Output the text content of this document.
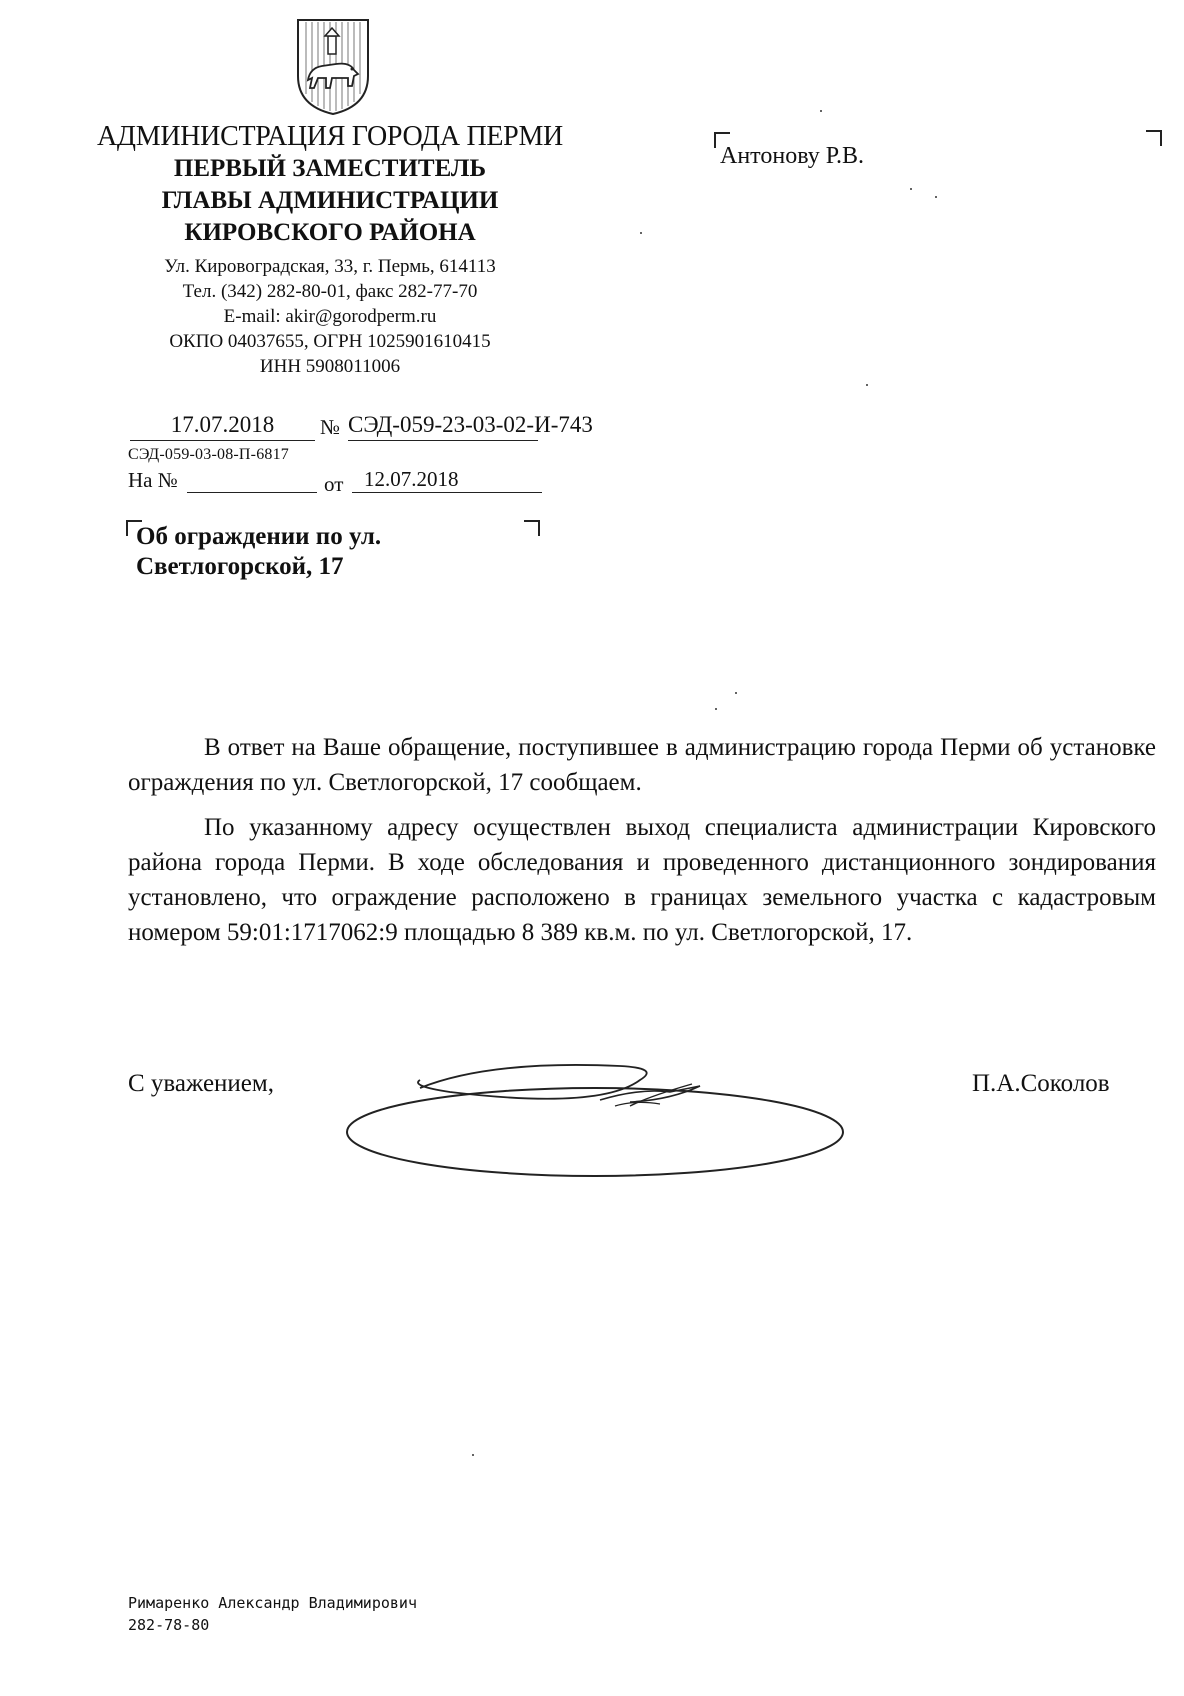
АДМИНИСТРАЦИЯ ГОРОДА ПЕРМИ
ПЕРВЫЙ ЗАМЕСТИТЕЛЬ
ГЛАВЫ АДМИНИСТРАЦИИ
КИРОВСКОГО РАЙОНА
Ул. Кировоградская, 33, г. Пермь, 614113
Тел. (342) 282-80-01, факс 282-77-70
E-mail: akir@gorodperm.ru
ОКПО 04037655, ОГРН 1025901610415
ИНН 5908011006
Антонову Р.В.
17.07.2018	№ СЭД-059-23-03-02-И-743
СЭД-059-03-08-П-6817
На №	от 12.07.2018
Об ограждении по ул.
Светлогорской, 17

В ответ на Ваше обращение, поступившее в администрацию города Перми об установке ограждения по ул. Светлогорской, 17 сообщаем.

По указанному адресу осуществлен выход специалиста администрации Кировского района города Перми. В ходе обследования и проведенного дистанционного зондирования установлено, что ограждение расположено в границах земельного участка с кадастровым номером 59:01:1717062:9 площадью 8 389 кв.м. по ул. Светлогорской, 17.

С уважением,	П.А.Соколов
Римаренко Александр Владимирович
282-78-80
